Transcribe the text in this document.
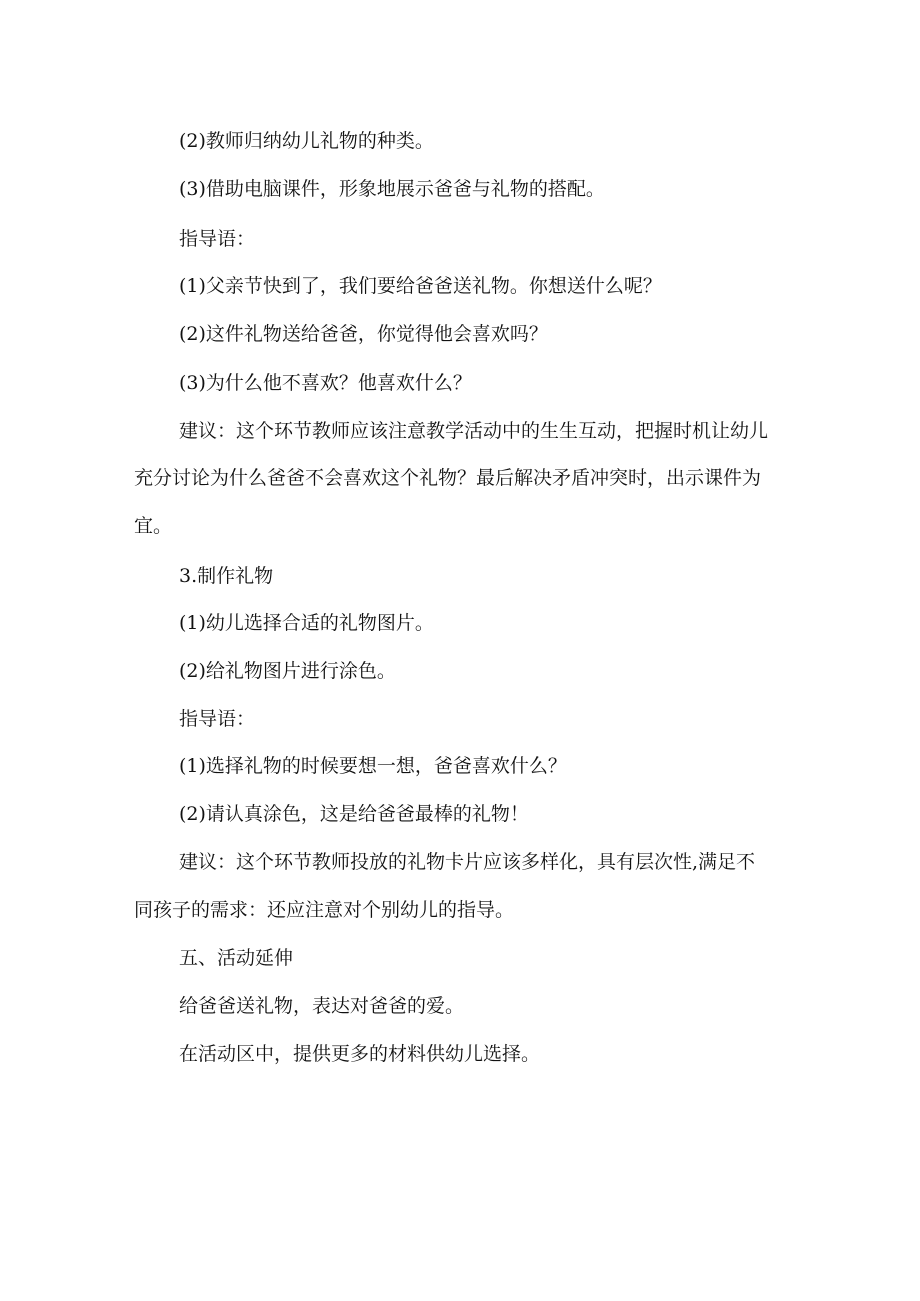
(2)教师归纳幼儿礼物的种类。

(3)借助电脑课件，形象地展示爸爸与礼物的搭配。

指导语：

(1)父亲节快到了，我们要给爸爸送礼物。你想送什么呢？

(2)这件礼物送给爸爸，你觉得他会喜欢吗？

(3)为什么他不喜欢？他喜欢什么？

建议：这个环节教师应该注意教学活动中的生生互动，把握时机让幼儿

充分讨论为什么爸爸不会喜欢这个礼物？最后解决矛盾冲突时，出示课件为

宜。

3.制作礼物

(1)幼儿选择合适的礼物图片。

(2)给礼物图片进行涂色。

指导语：

(1)选择礼物的时候要想一想，爸爸喜欢什么？

(2)请认真涂色，这是给爸爸最棒的礼物！

建议：这个环节教师投放的礼物卡片应该多样化，具有层次性,满足不

同孩子的需求：还应注意对个别幼儿的指导。

五、活动延伸

给爸爸送礼物，表达对爸爸的爱。

在活动区中，提供更多的材料供幼儿选择。
